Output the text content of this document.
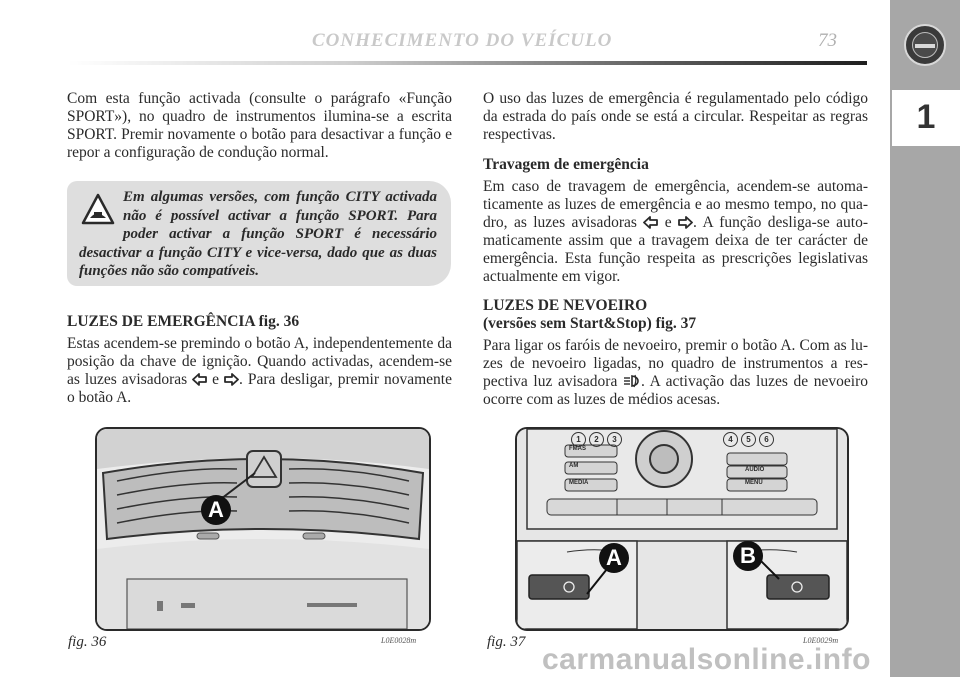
CONHECIMENTO DO VEÍCULO	73
1

Com esta função activada (consulte o parágrafo «Função SPORT»), no quadro de instrumentos ilumina-se a escrita SPORT. Premir novamente o botão para desactivar a função e repor a configuração de condução normal.

Em algumas versões, com função CITY activada não é possível activar a função SPORT. Para poder activar a função SPORT é necessário desactivar a função CITY e vice-versa, dado que as duas funções não são compatíveis.

LUZES DE EMERGÊNCIA fig. 36

Estas acendem-se premindo o botão A, independentemente da posição da chave de ignição. Quando activadas, acendem-se as luzes avisadoras e . Para desligar, premir novamente o botão A.

O uso das luzes de emergência é regulamentado pelo código da estrada do país onde se está a circular. Respeitar as regras respectivas.

Travagem de emergência

Em caso de travagem de emergência, acendem-se automaticamente as luzes de emergência e ao mesmo tempo, no quadro, as luzes avisadoras e . A função desliga-se automaticamente assim que a travagem deixa de ter carácter de emergência. Esta função respeita as prescrições legislativas actualmente em vigor.

LUZES DE NEVOEIRO

(versões sem Start&Stop) fig. 37

Para ligar os faróis de nevoeiro, premir o botão A. Com as luzes de nevoeiro ligadas, no quadro de instrumentos a respectiva luz avisadora . A activação das luzes de nevoeiro ocorre com as luzes de médios acesas.

A
fig. 36	L0E0028m
1	2	3	4	5	6
FMAS
AM
MEDIA
AUDIO
MENU
A	B
fig. 37	L0E0029m
carmanualsonline.info
